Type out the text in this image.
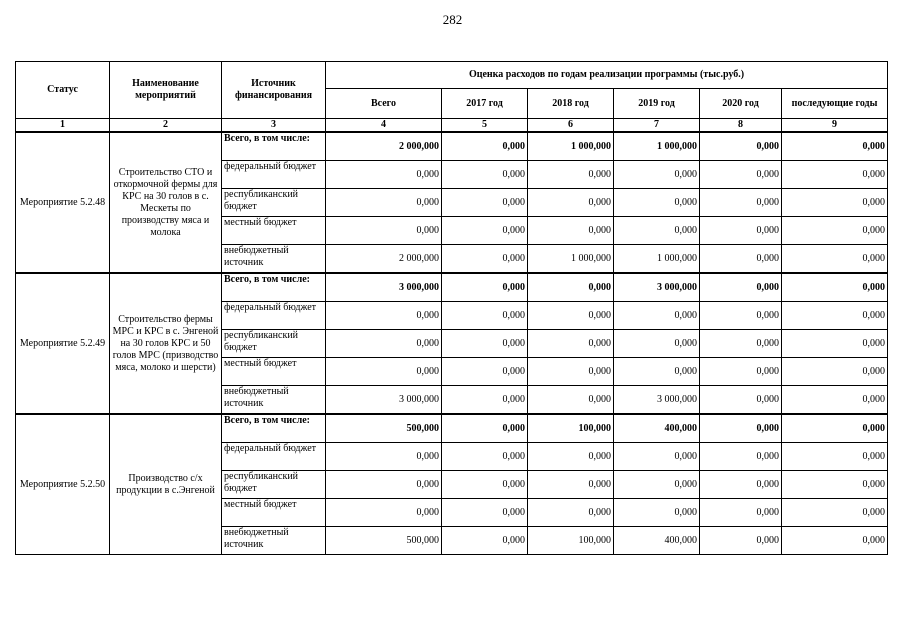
282
Статус	Наименование мероприятий	Источник финансирования	Оценка расходов по годам реализации программы (тыс.руб.)					
			Всего	2017 год	2018 год	2019 год	2020 год	последующие годы
1	2	3	4	5	6	7	8	9
Мероприятие 5.2.48	Строительство СТО и откормочной фермы для КРС на 30 голов в с. Мескеты по производству мяса и молока	Всего, в том числе:	2 000,000	0,000	1 000,000	1 000,000	0,000	0,000
		федеральный бюджет	0,000	0,000	0,000	0,000	0,000	0,000
		республиканский бюджет	0,000	0,000	0,000	0,000	0,000	0,000
		местный бюджет	0,000	0,000	0,000	0,000	0,000	0,000
		внебюджетный источник	2 000,000	0,000	1 000,000	1 000,000	0,000	0,000
Мероприятие 5.2.49	Строительство фермы МРС и КРС в с. Энгеной на 30 голов КРС и 50 голов МРС (призводство мяса, молоко и шерсти)	Всего, в том числе:	3 000,000	0,000	0,000	3 000,000	0,000	0,000
		федеральный бюджет	0,000	0,000	0,000	0,000	0,000	0,000
		республиканский бюджет	0,000	0,000	0,000	0,000	0,000	0,000
		местный бюджет	0,000	0,000	0,000	0,000	0,000	0,000
		внебюджетный источник	3 000,000	0,000	0,000	3 000,000	0,000	0,000
Мероприятие 5.2.50	Производство с/х продукции в с.Энгеной	Всего, в том числе:	500,000	0,000	100,000	400,000	0,000	0,000
		федеральный бюджет	0,000	0,000	0,000	0,000	0,000	0,000
		республиканский бюджет	0,000	0,000	0,000	0,000	0,000	0,000
		местный бюджет	0,000	0,000	0,000	0,000	0,000	0,000
		внебюджетный источник	500,000	0,000	100,000	400,000	0,000	0,000
